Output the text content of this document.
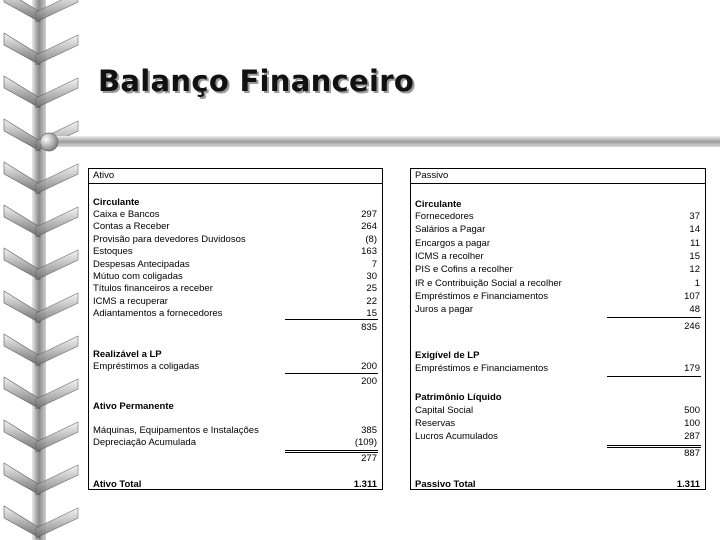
Balanço Financeiro
Ativo
Circulante
Caixa e Bancos	297
Contas a Receber	264
Provisão para devedores Duvidosos	(8)
Estoques	163
Despesas Antecipadas	7
Mútuo com coligadas	30
Títulos financeiros a receber	25
ICMS a recuperar	22
Adiantamentos a fornecedores	15
835
Realizável a LP
Empréstimos a coligadas	200
200
Ativo Permanente
Máquinas, Equipamentos e Instalações	385
Depreciação Acumulada	(109)
277
Ativo Total	1.311
Passivo
Circulante
Fornecedores	37
Salários a Pagar	14
Encargos a pagar	11
ICMS a recolher	15
PIS e Cofins a recolher	12
IR e Contribuição Social a recolher	1
Empréstimos e Financiamentos	107
Juros a pagar	48
246
Exigível de LP
Empréstimos e Financiamentos	179
Patrimônio Líquido
Capital Social	500
Reservas	100
Lucros Acumulados	287
887
Passivo Total	1.311
